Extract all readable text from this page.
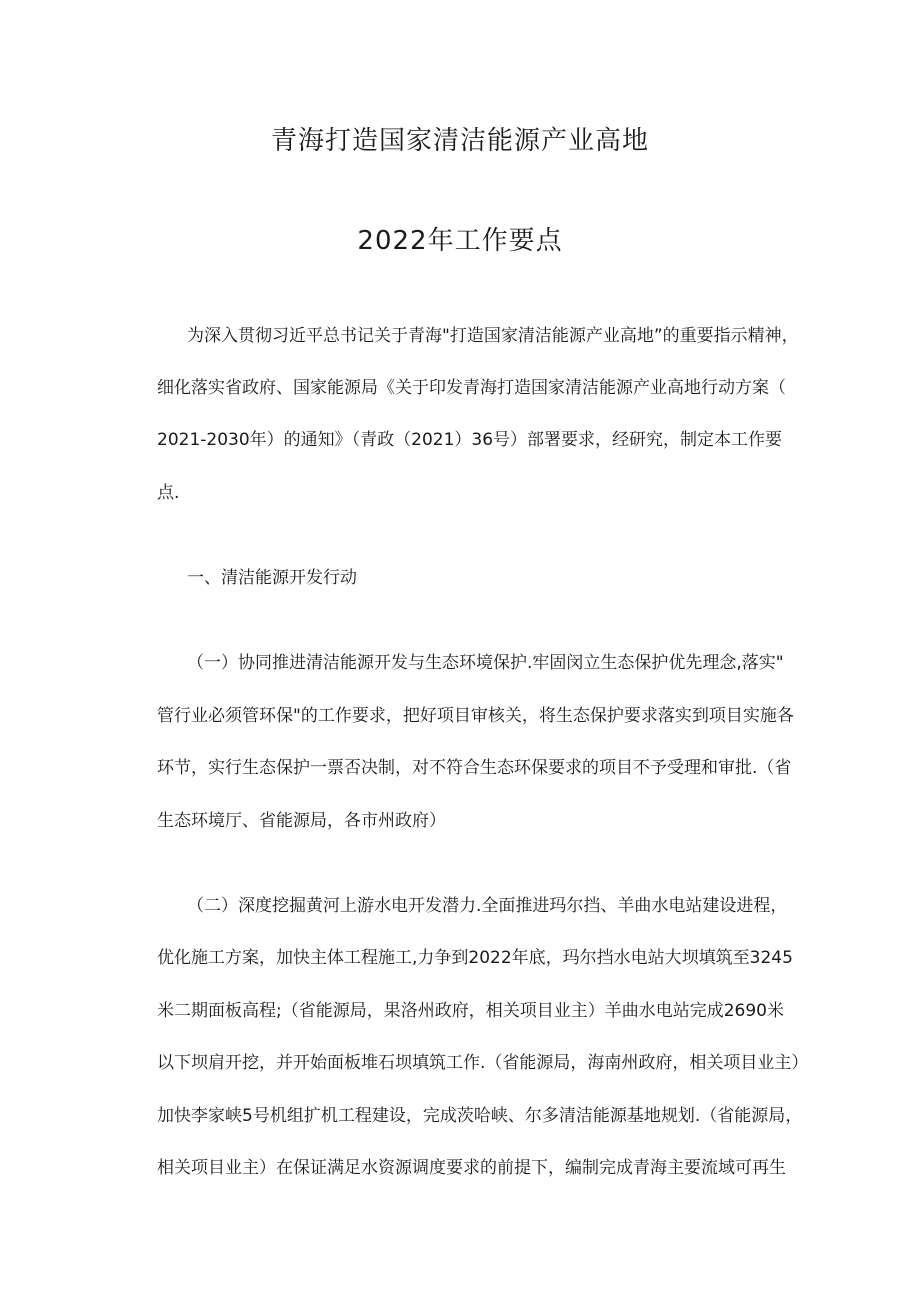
青海打造国家清洁能源产业高地
2022年工作要点
为深入贯彻习近平总书记关于青海"打造国家清洁能源产业高地”的重要指示精神，
细化落实省政府、国家能源局《关于印发青海打造国家清洁能源产业高地行动方案（
2021-2030年）的通知》（青政（2021）36号）部署要求，经研究，制定本工作要
点.
一、清洁能源开发行动
（一）协同推进清洁能源开发与生态环境保护.牢固闵立生态保护优先理念,落实"
管行业必须管环保"的工作要求，把好项目审核关，将生态保护要求落实到项目实施各
环节，实行生态保护一票否决制，对不符合生态环保要求的项目不予受理和审批.（省
生态环境厅、省能源局，各市州政府）
（二）深度挖掘黄河上游水电开发潜力.全面推进玛尔挡、羊曲水电站建设进程，
优化施工方案，加快主体工程施工,力争到2022年底，玛尔挡水电站大坝填筑至3245
米二期面板高程;（省能源局，果洛州政府，相关项目业主）羊曲水电站完成2690米
以下坝肩开挖，并开始面板堆石坝填筑工作.（省能源局，海南州政府，相关项目业主）
加快李家峡5号机组扩机工程建设，完成茨哈峡、尔多清洁能源基地规划.（省能源局，
相关项目业主）在保证满足水资源调度要求的前提下，编制完成青海主要流域可再生
